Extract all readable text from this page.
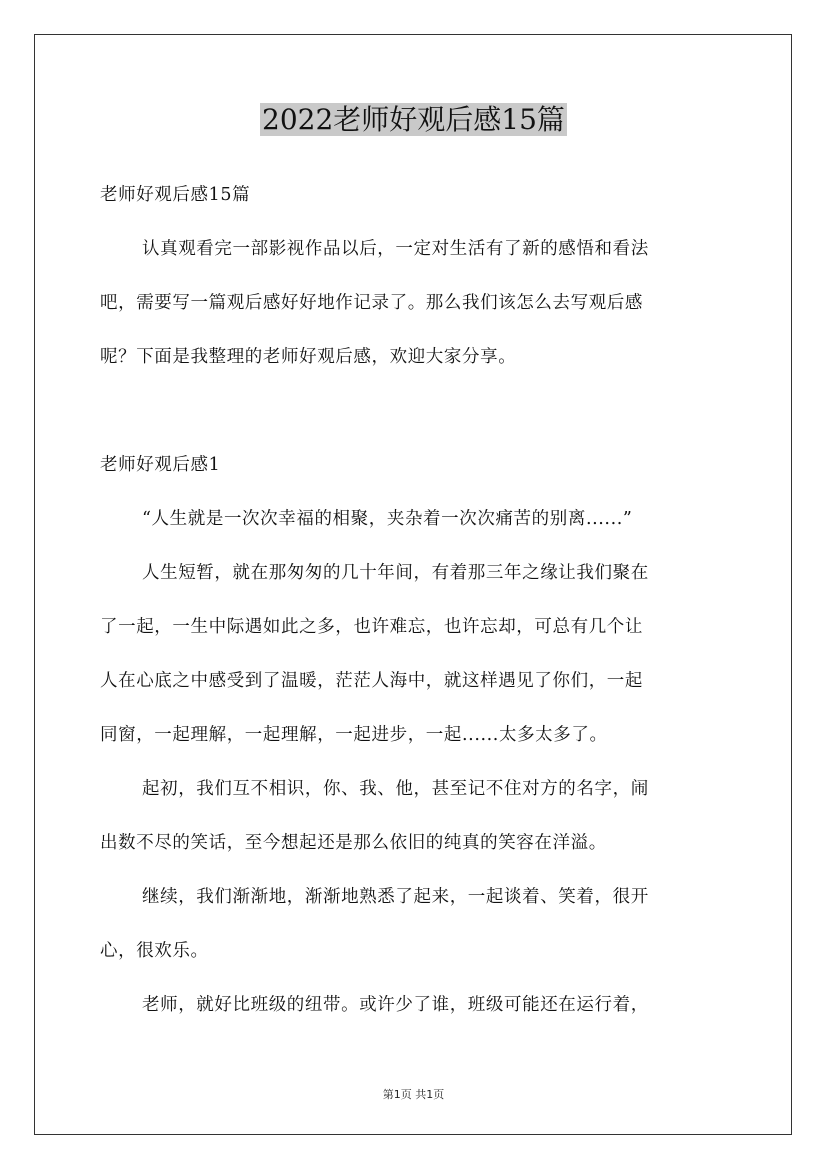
2022老师好观后感15篇
老师好观后感15篇
认真观看完一部影视作品以后，一定对生活有了新的感悟和看法
吧，需要写一篇观后感好好地作记录了。那么我们该怎么去写观后感
呢？下面是我整理的老师好观后感，欢迎大家分享。
老师好观后感1
“人生就是一次次幸福的相聚，夹杂着一次次痛苦的别离......”
人生短暂，就在那匆匆的几十年间，有着那三年之缘让我们聚在
了一起，一生中际遇如此之多，也许难忘，也许忘却，可总有几个让
人在心底之中感受到了温暖，茫茫人海中，就这样遇见了你们，一起
同窗，一起理解，一起理解，一起进步，一起......太多太多了。
起初，我们互不相识，你、我、他，甚至记不住对方的名字，闹
出数不尽的笑话，至今想起还是那么依旧的纯真的笑容在洋溢。
继续，我们渐渐地，渐渐地熟悉了起来，一起谈着、笑着，很开
心，很欢乐。
老师，就好比班级的纽带。或许少了谁，班级可能还在运行着，
第1页 共1页
